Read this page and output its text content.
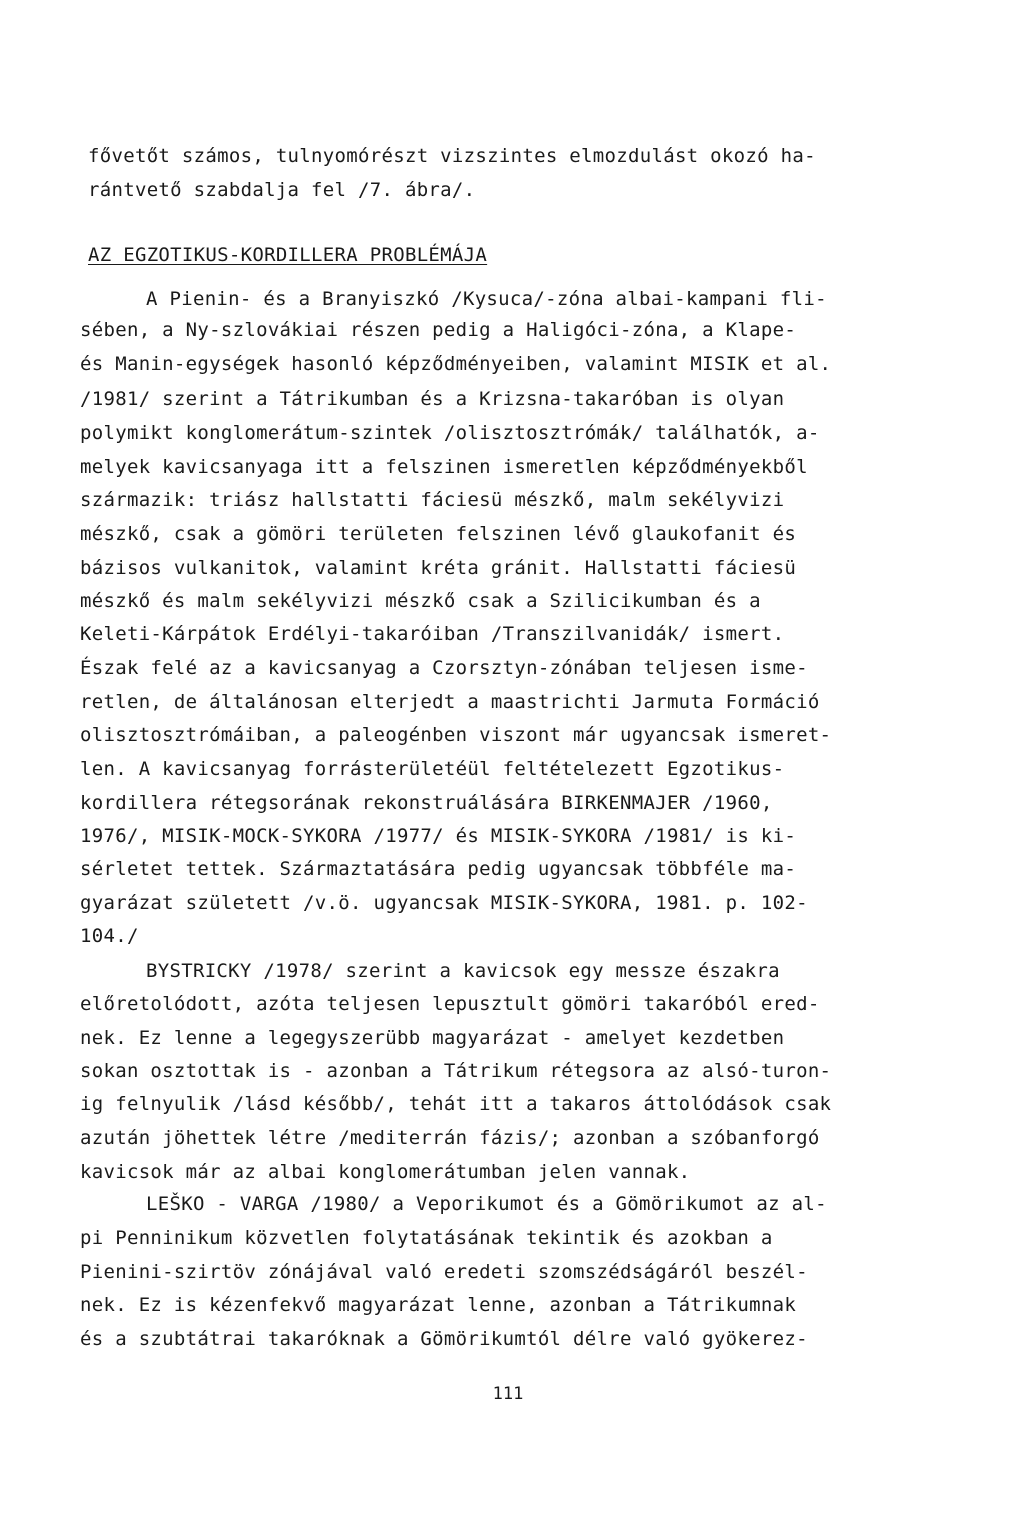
fővetőt számos, tulnyomórészt vizszintes elmozdulást okozó ha-
rántvető szabdalja fel /7. ábra/.
AZ EGZOTIKUS-KORDILLERA PROBLÉMÁJA
A Pienin- és a Branyiszkó /Kysuca/-zóna albai-kampani fli-
sében, a Ny-szlovákiai részen pedig a Haligóci-zóna, a Klape-
és Manin-egységek hasonló képződményeiben, valamint MISIK et al.
/1981/ szerint a Tátrikumban és a Krizsna-takaróban is olyan
polymikt konglomerátum-szintek /olisztosztrómák/ találhatók, a-
melyek kavicsanyaga itt a felszinen ismeretlen képződményekből
származik: triász hallstatti fáciesü mészkő, malm sekélyvizi
mészkő, csak a gömöri területen felszinen lévő glaukofanit és
bázisos vulkanitok, valamint kréta gránit. Hallstatti fáciesü
mészkő és malm sekélyvizi mészkő csak a Szilicikumban és a
Keleti-Kárpátok Erdélyi-takaróiban /Transzilvanidák/ ismert.
Észak felé az a kavicsanyag a Czorsztyn-zónában teljesen isme-
retlen, de általánosan elterjedt a maastrichti Jarmuta Formáció
olisztosztrómáiban, a paleogénben viszont már ugyancsak ismeret-
len. A kavicsanyag forrásterületéül feltételezett Egzotikus-
kordillera rétegsorának rekonstruálására BIRKENMAJER /1960,
1976/, MISIK-MOCK-SYKORA /1977/ és MISIK-SYKORA /1981/ is ki-
sérletet tettek. Származtatására pedig ugyancsak többféle ma-
gyarázat született /v.ö. ugyancsak MISIK-SYKORA, 1981. p. 102-
104./
BYSTRICKY /1978/ szerint a kavicsok egy messze északra
előretolódott, azóta teljesen lepusztult gömöri takaróból ered-
nek. Ez lenne a legegyszerübb magyarázat - amelyet kezdetben
sokan osztottak is - azonban a Tátrikum rétegsora az alsó-turon-
ig felnyulik /lásd később/, tehát itt a takaros áttolódások csak
azután jöhettek létre /mediterrán fázis/; azonban a szóbanforgó
kavicsok már az albai konglomerátumban jelen vannak.
LEŠKO - VARGA /1980/ a Veporikumot és a Gömörikumot az al-
pi Penninikum közvetlen folytatásának tekintik és azokban a
Pienini-szirtöv zónájával való eredeti szomszédságáról beszél-
nek. Ez is kézenfekvő magyarázat lenne, azonban a Tátrikumnak
és a szubtátrai takaróknak a Gömörikumtól délre való gyökerez-
111
